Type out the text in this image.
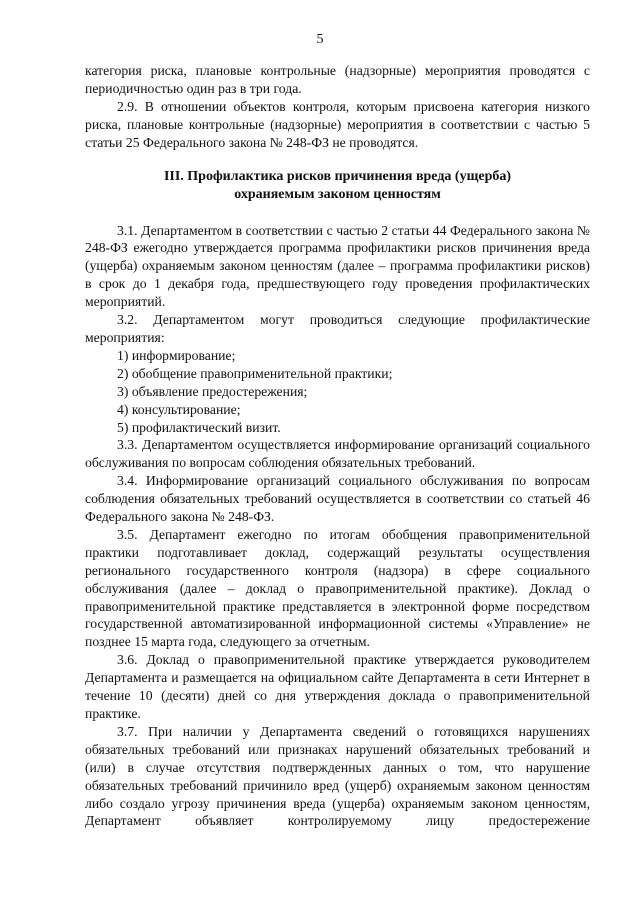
5

категория риска, плановые контрольные (надзорные) мероприятия проводятся с периодичностью один раз в три года.

2.9. В отношении объектов контроля, которым присвоена категория низкого риска, плановые контрольные (надзорные) мероприятия в соответствии с частью 5 статьи 25 Федерального закона № 248-ФЗ не проводятся.

III. Профилактика рисков причинения вреда (ущерба)
охраняемым законом ценностям

3.1. Департаментом в соответствии с частью 2 статьи 44 Федерального закона № 248-ФЗ ежегодно утверждается программа профилактики рисков причинения вреда (ущерба) охраняемым законом ценностям (далее – программа профилактики рисков) в срок до 1 декабря года, предшествующего году проведения профилактических мероприятий.

3.2. Департаментом могут проводиться следующие профилактические мероприятия:

1) информирование;

2) обобщение правоприменительной практики;

3) объявление предостережения;

4) консультирование;

5) профилактический визит.

3.3. Департаментом осуществляется информирование организаций социального обслуживания по вопросам соблюдения обязательных требований.

3.4. Информирование организаций социального обслуживания по вопросам соблюдения обязательных требований осуществляется в соответствии со статьей 46 Федерального закона № 248-ФЗ.

3.5. Департамент ежегодно по итогам обобщения правоприменительной практики подготавливает доклад, содержащий результаты осуществления регионального государственного контроля (надзора) в сфере социального обслуживания (далее – доклад о правоприменительной практике). Доклад о правоприменительной практике представляется в электронной форме посредством государственной автоматизированной информационной системы «Управление» не позднее 15 марта года, следующего за отчетным.

3.6. Доклад о правоприменительной практике утверждается руководителем Департамента и размещается на официальном сайте Департамента в сети Интернет в течение 10 (десяти) дней со дня утверждения доклада о правоприменительной практике.

3.7. При наличии у Департамента сведений о готовящихся нарушениях обязательных требований или признаках нарушений обязательных требований и (или) в случае отсутствия подтвержденных данных о том, что нарушение обязательных требований причинило вред (ущерб) охраняемым законом ценностям либо создало угрозу причинения вреда (ущерба) охраняемым законом ценностям, Департамент объявляет контролируемому лицу предостережение
